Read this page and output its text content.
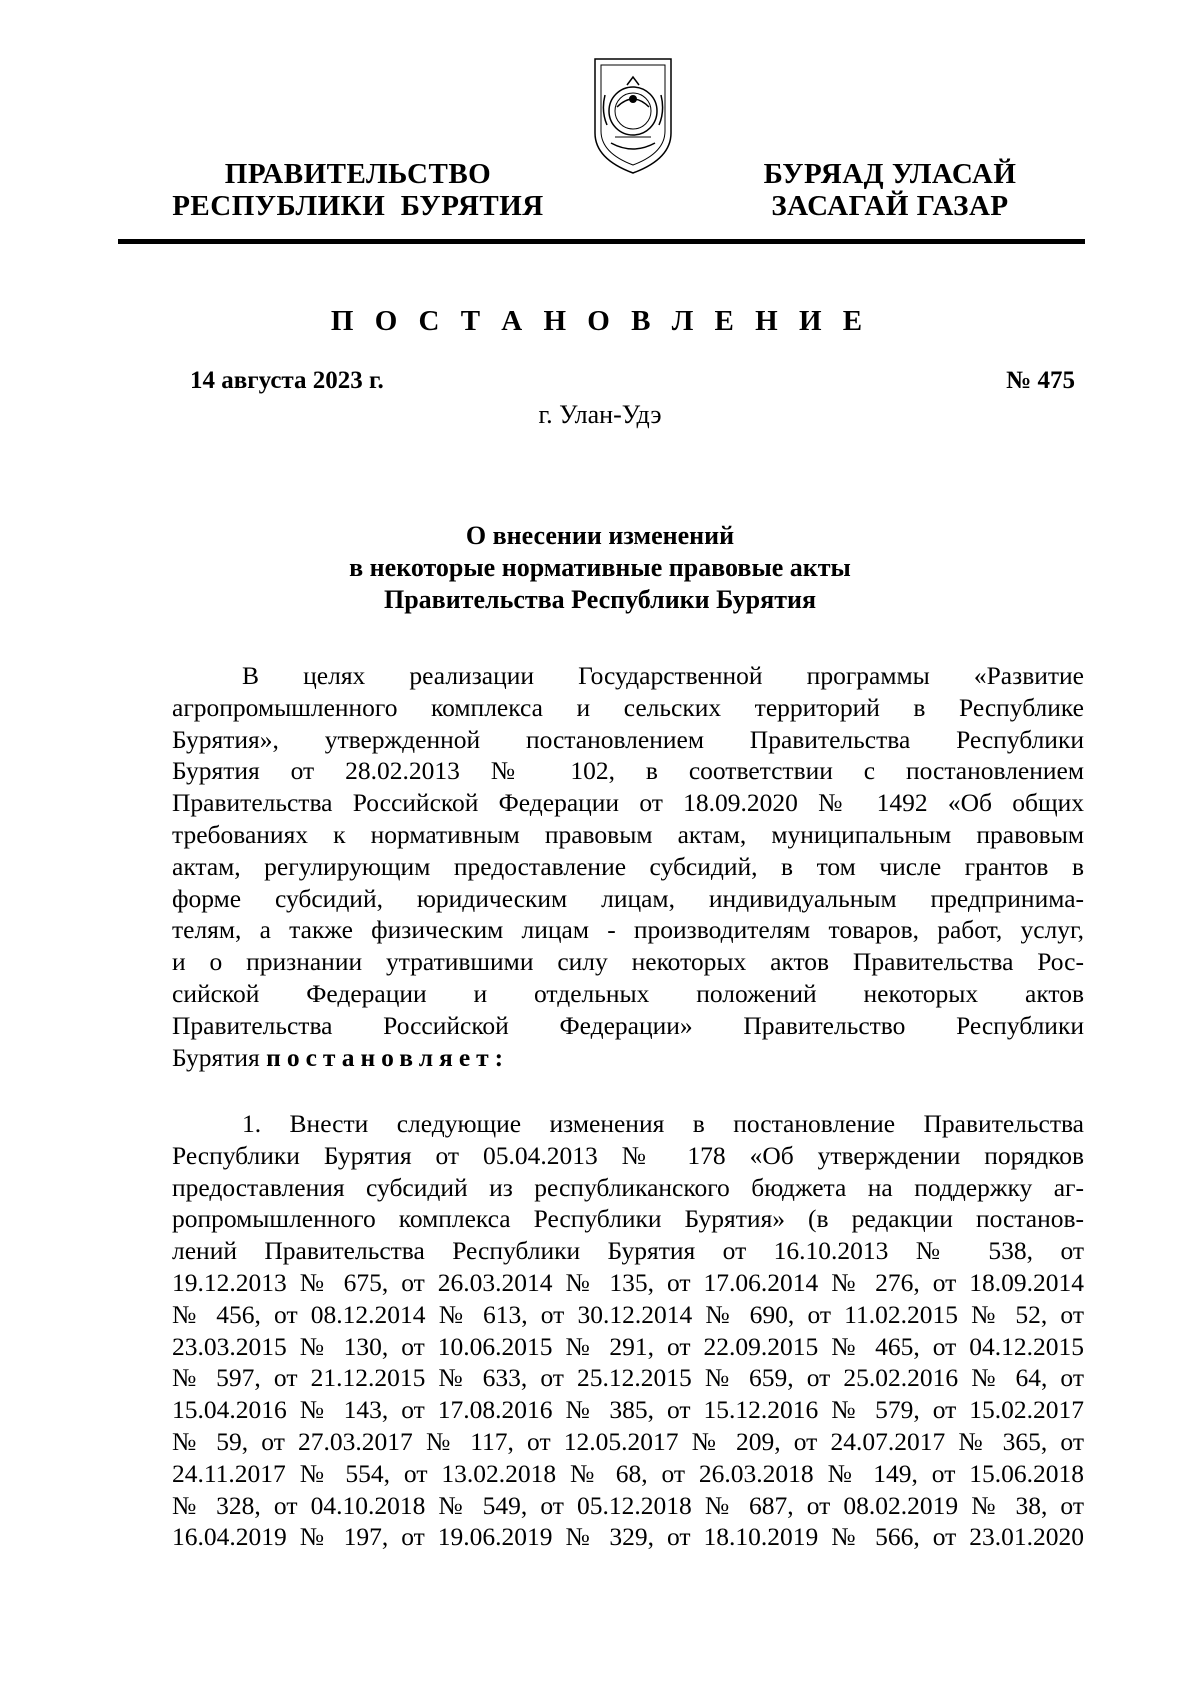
ПРАВИТЕЛЬСТВО
РЕСПУБЛИКИ  БУРЯТИЯ
БУРЯАД УЛАСАЙ
ЗАСАГАЙ ГАЗАР
П О С Т А Н О В Л Е Н И Е
14 августа 2023 г.	№ 475
г. Улан-Удэ
О внесении изменений
в некоторые нормативные правовые акты
Правительства Республики Бурятия
В целях реализации Государственной программы «Развитие
агропромышленного комплекса и сельских территорий в Республике
Бурятия», утвержденной постановлением Правительства Республики
Бурятия от 28.02.2013 № 102, в соответствии с постановлением
Правительства Российской Федерации от 18.09.2020 № 1492 «Об общих
требованиях к нормативным правовым актам, муниципальным правовым
актам, регулирующим предоставление субсидий, в том числе грантов в
форме субсидий, юридическим лицам, индивидуальным предпринима-
телям, а также физическим лицам - производителям товаров, работ, услуг,
и о признании утратившими силу некоторых актов Правительства Рос-
сийской Федерации и отдельных положений некоторых актов
Правительства Российской Федерации» Правительство Республики
Бурятия постановляет:
1. Внести следующие изменения в постановление Правительства
Республики Бурятия от 05.04.2013 № 178 «Об утверждении порядков
предоставления субсидий из республиканского бюджета на поддержку аг-
ропромышленного комплекса Республики Бурятия» (в редакции постанов-
лений Правительства Республики Бурятия от 16.10.2013 № 538, от
19.12.2013 № 675, от 26.03.2014 № 135, от 17.06.2014 № 276, от 18.09.2014
№ 456, от 08.12.2014 № 613, от 30.12.2014 № 690, от 11.02.2015 № 52, от
23.03.2015 № 130, от 10.06.2015 № 291, от 22.09.2015 № 465, от 04.12.2015
№ 597, от 21.12.2015 № 633, от 25.12.2015 № 659, от 25.02.2016 № 64, от
15.04.2016 № 143, от 17.08.2016 № 385, от 15.12.2016 № 579, от 15.02.2017
№ 59, от 27.03.2017 № 117, от 12.05.2017 № 209, от 24.07.2017 № 365, от
24.11.2017 № 554, от 13.02.2018 № 68, от 26.03.2018 № 149, от 15.06.2018
№ 328, от 04.10.2018 № 549, от 05.12.2018 № 687, от 08.02.2019 № 38, от
16.04.2019 № 197, от 19.06.2019 № 329, от 18.10.2019 № 566, от 23.01.2020
